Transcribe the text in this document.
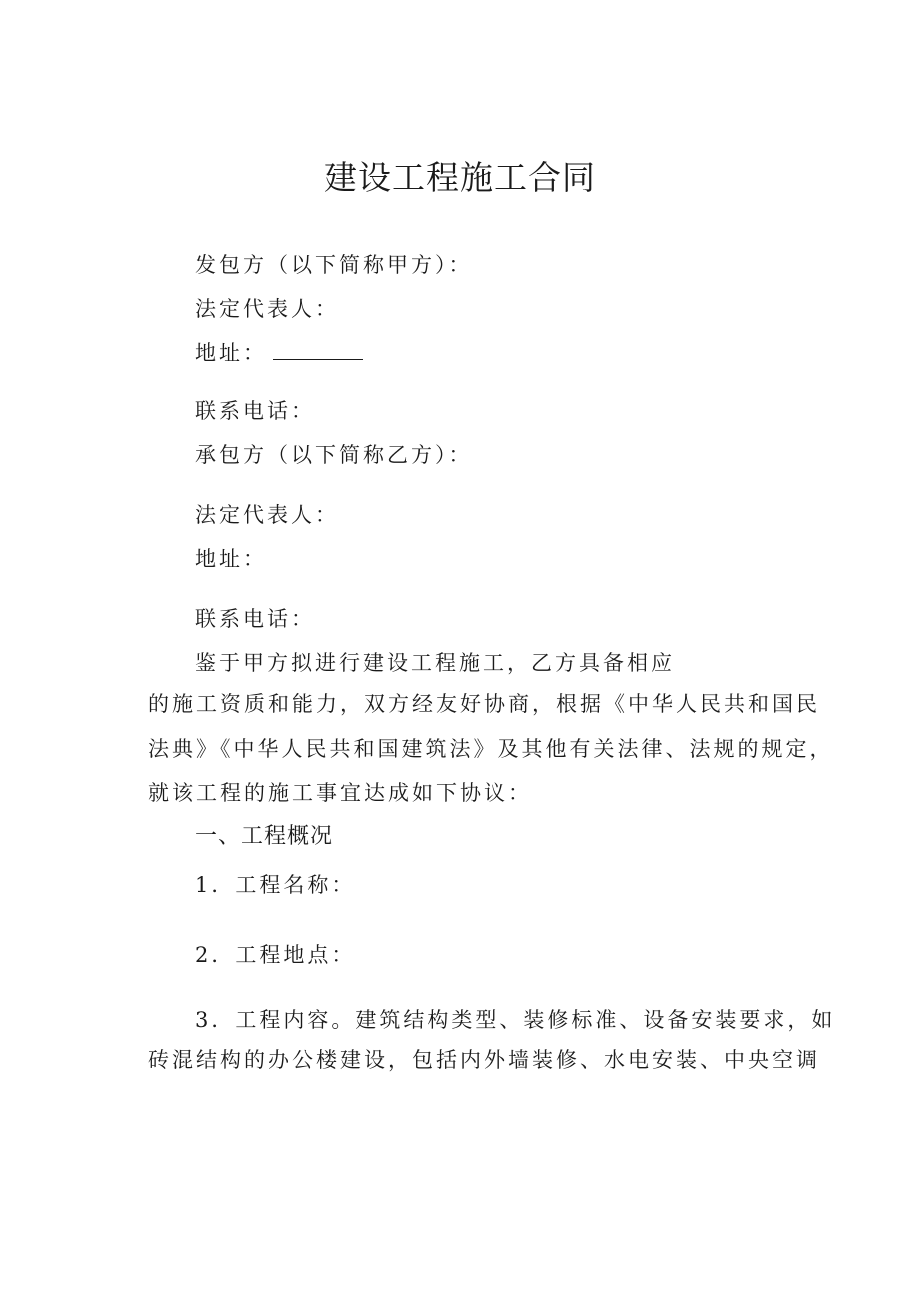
建设工程施工合同
发包方（以下简称甲方）：
法定代表人：
地址：
联系电话：
承包方（以下简称乙方）：
法定代表人：
地址：
联系电话：
鉴于甲方拟进行建设工程施工，乙方具备相应
的施工资质和能力，双方经友好协商，根据《中华人民共和国民
法典》《中华人民共和国建筑法》及其他有关法律、法规的规定，
就该工程的施工事宜达成如下协议：
一、工程概况
1．工程名称：
2．工程地点：
3．工程内容。建筑结构类型、装修标准、设备安装要求，如
砖混结构的办公楼建设，包括内外墙装修、水电安装、中央空调
